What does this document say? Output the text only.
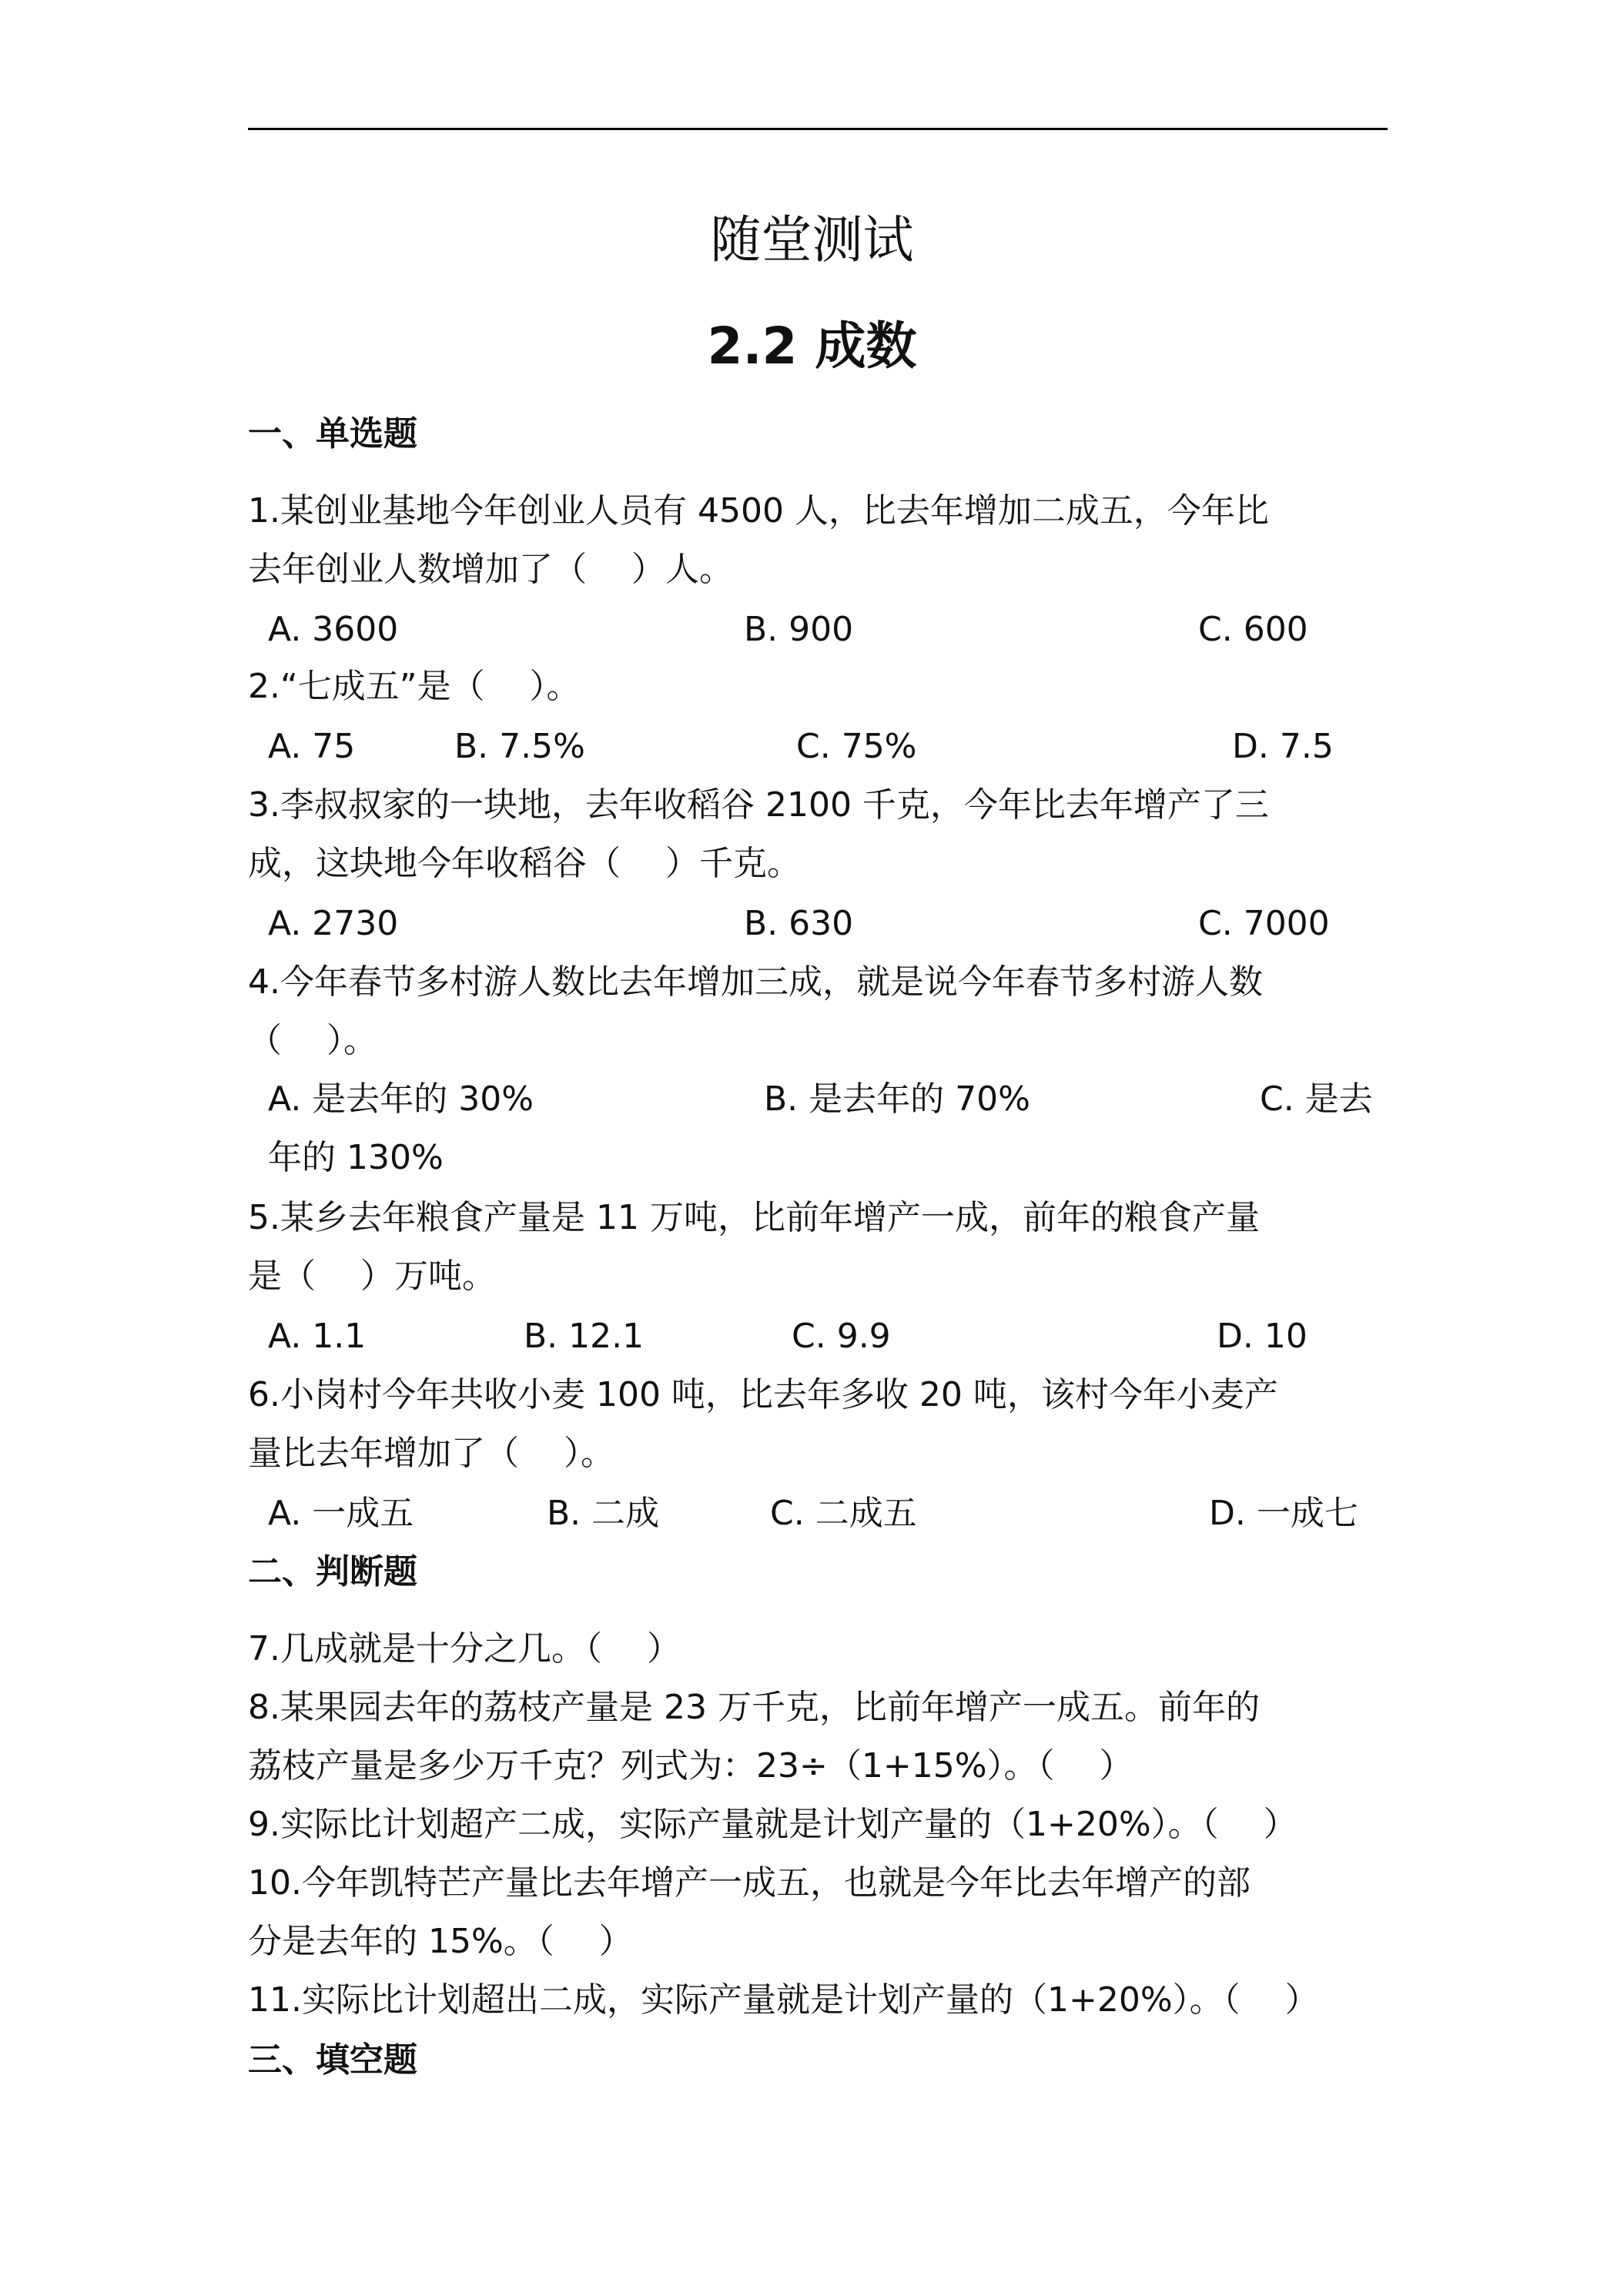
随堂测试
2.2 成数
一、单选题
1.某创业基地今年创业人员有 4500 人，比去年增加二成五，今年比
去年创业人数增加了（　 ）人。
A. 3600	B. 900	C. 600
2.“七成五”是（　 ）。
A. 75	B. 7.5%	C. 75%	D. 7.5
3.李叔叔家的一块地，去年收稻谷 2100 千克，今年比去年增产了三
成，这块地今年收稻谷（　 ）千克。
A. 2730	B. 630	C. 7000
4.今年春节多村游人数比去年增加三成，就是说今年春节多村游人数
（　 ）。
A. 是去年的 30%	B. 是去年的 70%	C. 是去
年的 130%
5.某乡去年粮食产量是 11 万吨，比前年增产一成，前年的粮食产量
是（　 ）万吨。
A. 1.1	B. 12.1	C. 9.9	D. 10
6.小岗村今年共收小麦 100 吨，比去年多收 20 吨，该村今年小麦产
量比去年增加了（　 ）。
A. 一成五	B. 二成	C. 二成五	D. 一成七
二、判断题
7.几成就是十分之几。（　 ）
8.某果园去年的荔枝产量是 23 万千克，比前年增产一成五。前年的
荔枝产量是多少万千克？列式为：23÷（1+15%）。（　 ）
9.实际比计划超产二成，实际产量就是计划产量的（1+20%）。（　 ）
10.今年凯特芒产量比去年增产一成五，也就是今年比去年增产的部
分是去年的 15%。（　 ）
11.实际比计划超出二成，实际产量就是计划产量的（1+20%）。（　 ）
三、填空题
